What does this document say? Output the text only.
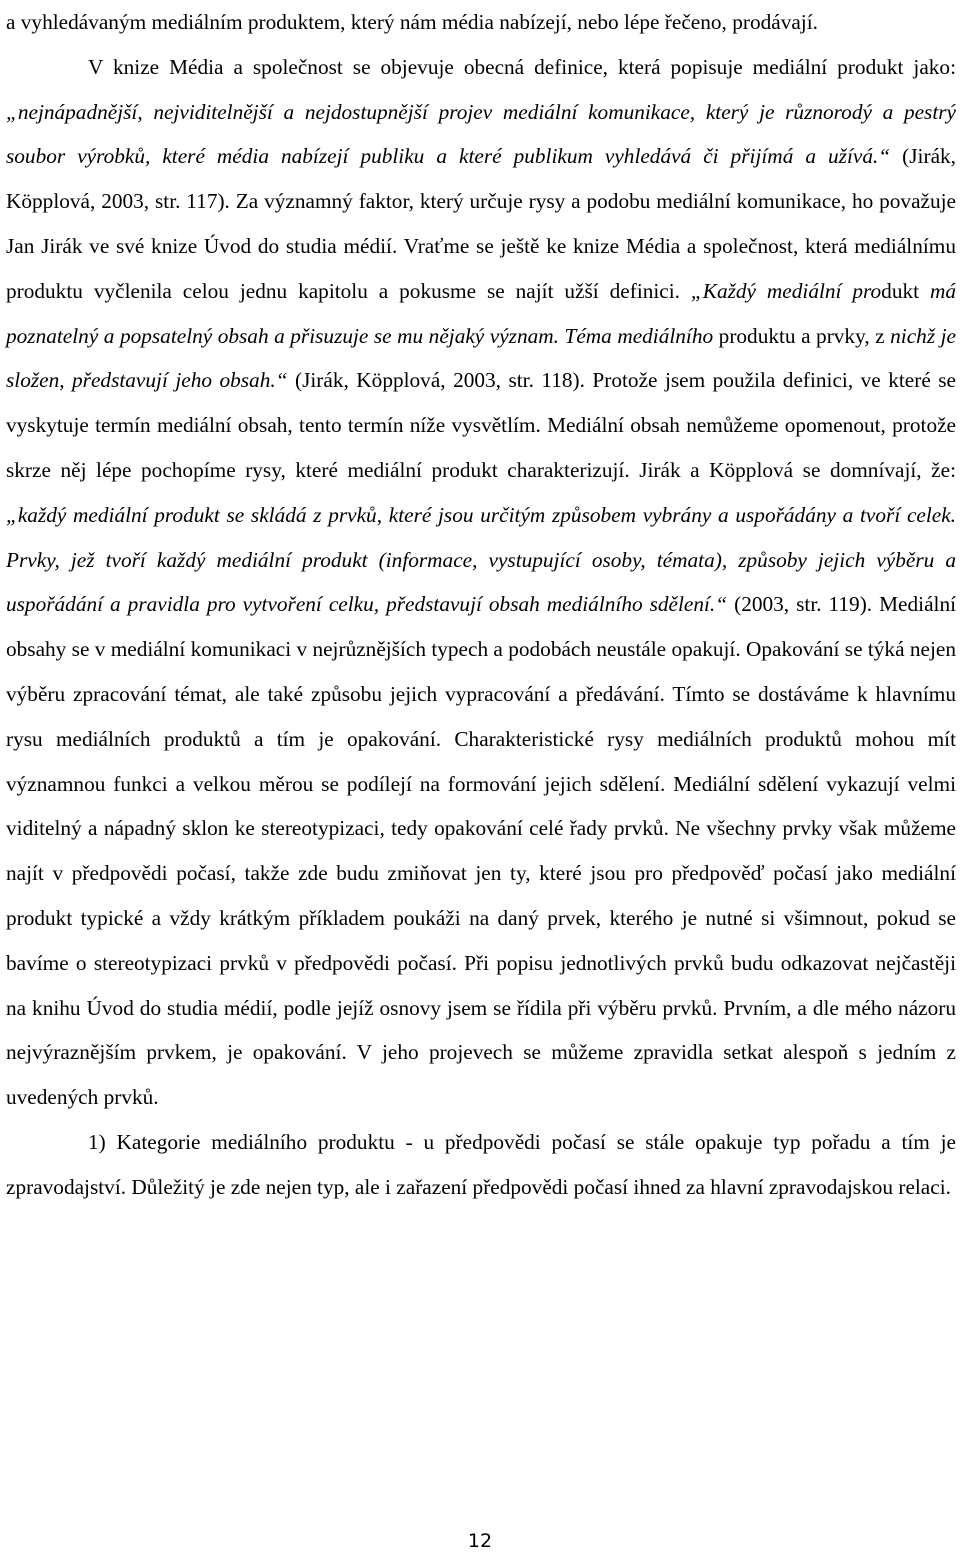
a vyhledávaným mediálním produktem, který nám média nabízejí, nebo lépe řečeno, prodávají.

V knize Média a společnost se objevuje obecná definice, která popisuje mediální produkt jako: „nejnápadnější, nejviditelnější a nejdostupnější projev mediální komunikace, který je různorodý a pestrý soubor výrobků, které média nabízejí publiku a které publikum vyhledává či přijímá a užívá.“ (Jirák, Köpplová, 2003, str. 117). Za významný faktor, který určuje rysy a podobu mediální komunikace, ho považuje Jan Jirák ve své knize Úvod do studia médií. Vraťme se ještě ke knize Média a společnost, která mediálnímu produktu vyčlenila celou jednu kapitolu a pokusme se najít užší definici. „Každý mediální produkt má poznatelný a popsatelný obsah a přisuzuje se mu nějaký význam. Téma mediálního produktu a prvky, z nichž je složen, představují jeho obsah.“ (Jirák, Köpplová, 2003, str. 118). Protože jsem použila definici, ve které se vyskytuje termín mediální obsah, tento termín níže vysvětlím. Mediální obsah nemůžeme opomenout, protože skrze něj lépe pochopíme rysy, které mediální produkt charakterizují. Jirák a Köpplová se domnívají, že: „každý mediální produkt se skládá z prvků, které jsou určitým způsobem vybrány a uspořádány a tvoří celek. Prvky, jež tvoří každý mediální produkt (informace, vystupující osoby, témata), způsoby jejich výběru a uspořádání a pravidla pro vytvoření celku, představují obsah mediálního sdělení.“ (2003, str. 119). Mediální obsahy se v mediální komunikaci v nejrůznějších typech a podobách neustále opakují. Opakování se týká nejen výběru zpracování témat, ale také způsobu jejich vypracování a předávání. Tímto se dostáváme k hlavnímu rysu mediálních produktů a tím je opakování. Charakteristické rysy mediálních produktů mohou mít významnou funkci a velkou měrou se podílejí na formování jejich sdělení. Mediální sdělení vykazují velmi viditelný a nápadný sklon ke stereotypizaci, tedy opakování celé řady prvků. Ne všechny prvky však můžeme najít v předpovědi počasí, takže zde budu zmiňovat jen ty, které jsou pro předpověď počasí jako mediální produkt typické a vždy krátkým příkladem poukáži na daný prvek, kterého je nutné si všimnout, pokud se bavíme o stereotypizaci prvků v předpovědi počasí. Při popisu jednotlivých prvků budu odkazovat nejčastěji na knihu Úvod do studia médií, podle jejíž osnovy jsem se řídila při výběru prvků. Prvním, a dle mého názoru nejvýraznějším prvkem, je opakování. V jeho projevech se můžeme zpravidla setkat alespoň s jedním z uvedených prvků.

1) Kategorie mediálního produktu - u předpovědi počasí se stále opakuje typ pořadu a tím je zpravodajství. Důležitý je zde nejen typ, ale i zařazení předpovědi počasí ihned za hlavní zpravodajskou relaci.

12
